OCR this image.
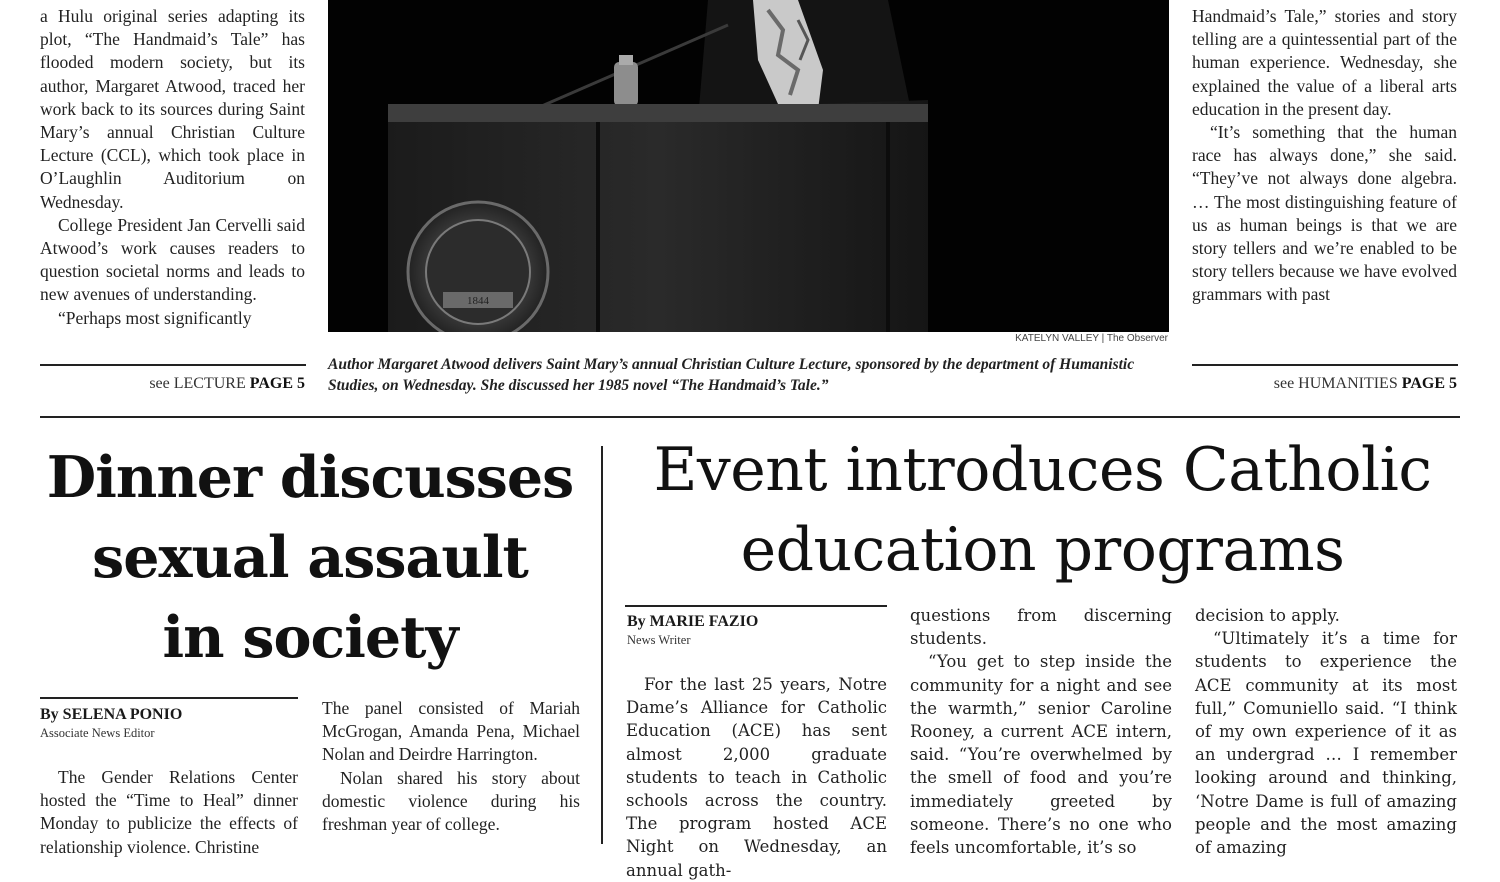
a Hulu original series adapting its plot, “The Handmaid’s Tale” has flooded modern society, but its author, Margaret Atwood, traced her work back to its sources during Saint Mary’s annual Christian Culture Lecture (CCL), which took place in O’Laughlin Auditorium on Wednesday.

College President Jan Cervelli said Atwood’s work causes readers to question societal norms and leads to new avenues of understanding.

“Perhaps most significantly

see LECTURE PAGE 5
1844
KATELYN VALLEY | The Observer
Author Margaret Atwood delivers Saint Mary’s annual Christian Culture Lecture, sponsored by the department of Humanistic Studies, on Wednesday. She discussed her 1985 novel “The Handmaid’s Tale.”

Handmaid’s Tale,” stories and story telling are a quintessential part of the human experience. Wednesday, she explained the value of a liberal arts education in the present day.

“It’s something that the human race has always done,” she said. “They’ve not always done algebra. … The most distinguishing feature of us as human beings is that we are story tellers and we’re enabled to be story tellers because we have evolved grammars with past

see HUMANITIES PAGE 5
Dinner discusses
sexual assault
in society
By SELENA PONIO
Associate News Editor

The Gender Relations Center hosted the “Time to Heal” dinner Monday to publicize the effects of relationship violence. Christine

The panel consisted of Mariah McGrogan, Amanda Pena, Michael Nolan and Deirdre Harrington.

Nolan shared his story about domestic violence during his freshman year of college.

Event introduces Catholic
education programs
By MARIE FAZIO
News Writer

For the last 25 years, Notre Dame’s Alliance for Catholic Education (ACE) has sent almost 2,000 graduate students to teach in Catholic schools across the country. The program hosted ACE Night on Wednesday, an annual gath-

questions from discerning students.

“You get to step inside the community for a night and see the warmth,” senior Caroline Rooney, a current ACE intern, said. “You’re overwhelmed by the smell of food and you’re immediately greeted by someone. There’s no one who feels uncomfortable, it’s so

decision to apply.

“Ultimately it’s a time for students to experience the ACE community at its most full,” Comuniello said. “I think of my own experience of it as an undergrad … I remember looking around and thinking, ‘Notre Dame is full of amazing people and the most amazing of amazing
